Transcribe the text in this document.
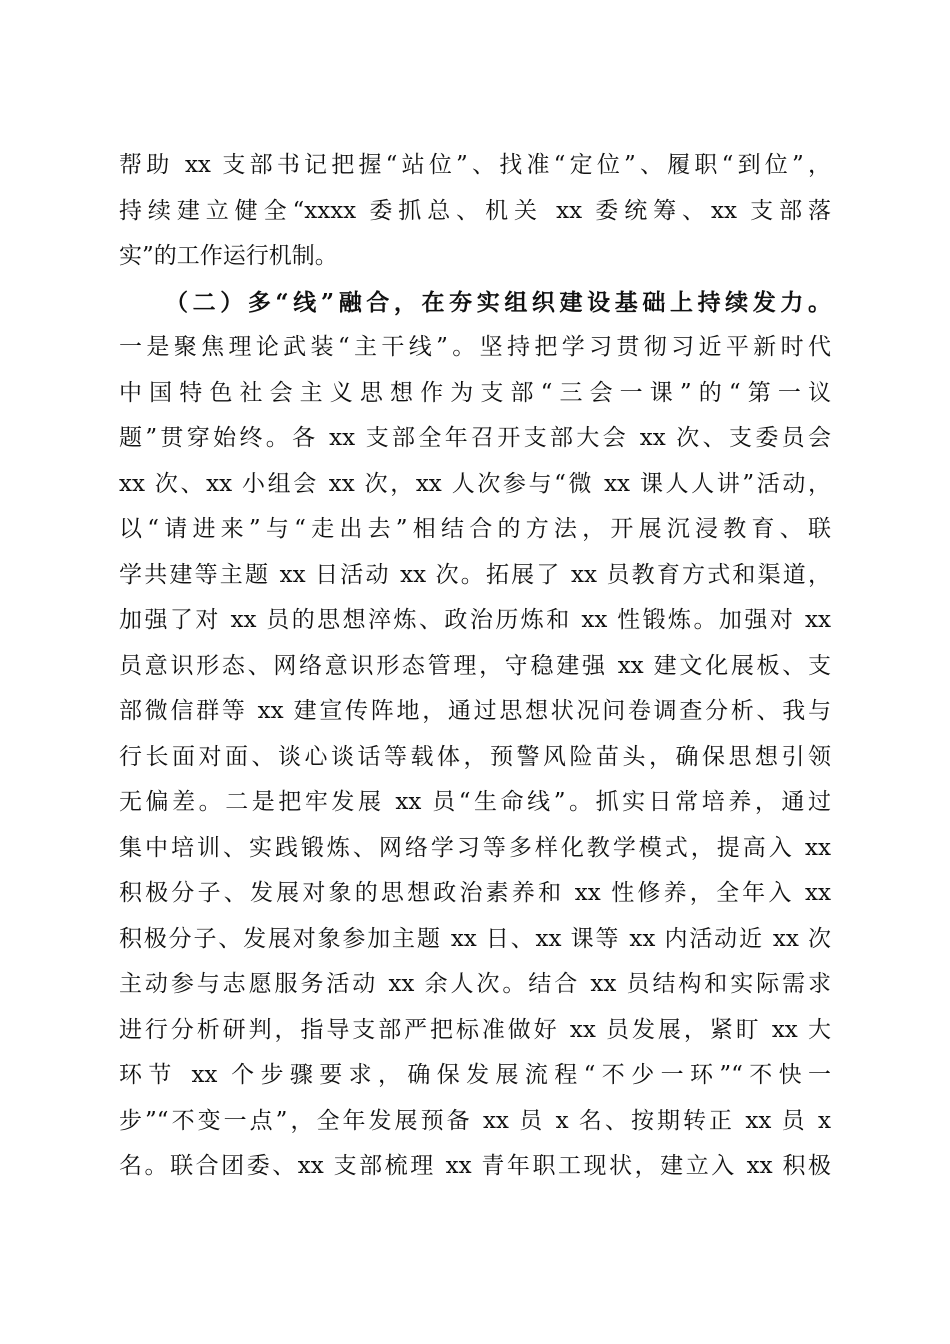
帮助 xx 支部书记把握“站位”、找准“定位”、履职“到位”，
持续建立健全“xxxx 委抓总、机关 xx 委统筹、xx 支部落
实”的工作运行机制。
（二）多“线”融合，在夯实组织建设基础上持续发力。
一是聚焦理论武装“主干线”。坚持把学习贯彻习近平新时代
中国特色社会主义思想作为支部“三会一课”的“第一议
题”贯穿始终。各 xx 支部全年召开支部大会 xx 次、支委员会
xx 次、xx 小组会 xx 次，xx 人次参与“微 xx 课人人讲”活动，
以“请进来”与“走出去”相结合的方法，开展沉浸教育、联
学共建等主题 xx 日活动 xx 次。拓展了 xx 员教育方式和渠道，
加强了对 xx 员的思想淬炼、政治历炼和 xx 性锻炼。加强对 xx
员意识形态、网络意识形态管理，守稳建强 xx 建文化展板、支
部微信群等 xx 建宣传阵地，通过思想状况问卷调查分析、我与
行长面对面、谈心谈话等载体，预警风险苗头，确保思想引领
无偏差。二是把牢发展 xx 员“生命线”。抓实日常培养，通过
集中培训、实践锻炼、网络学习等多样化教学模式，提高入 xx
积极分子、发展对象的思想政治素养和 xx 性修养，全年入 xx
积极分子、发展对象参加主题 xx 日、xx 课等 xx 内活动近 xx 次
主动参与志愿服务活动 xx 余人次。结合 xx 员结构和实际需求
进行分析研判，指导支部严把标准做好 xx 员发展，紧盯 xx 大
环节 xx 个步骤要求，确保发展流程“不少一环”“不快一
步”“不变一点”，全年发展预备 xx 员 x 名、按期转正 xx 员 x
名。联合团委、xx 支部梳理 xx 青年职工现状，建立入 xx 积极
